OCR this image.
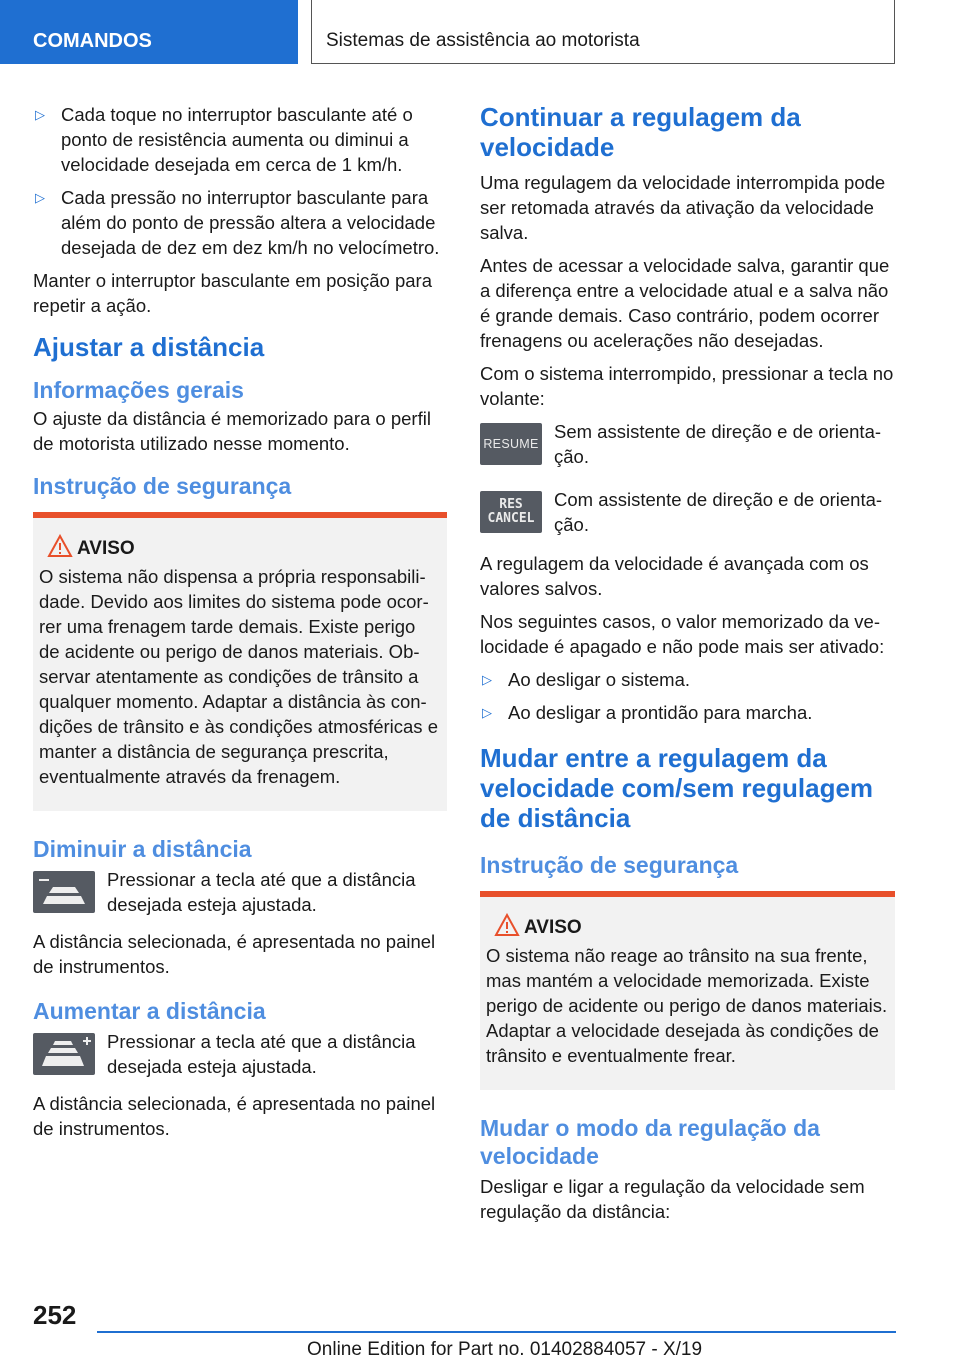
COMANDOS	Sistemas de assistência ao motorista
▷ Cada toque no interruptor basculante até o ponto de resistência aumenta ou diminui a velocidade desejada em cerca de 1 km/h.
▷ Cada pressão no interruptor basculante para além do ponto de pressão altera a velocidade desejada de dez em dez km/h no velocímetro.

Manter o interruptor basculante em posição para repetir a ação.

Ajustar a distância
Informações gerais

O ajuste da distância é memorizado para o perfil de motorista utilizado nesse momento.

Instrução de segurança
AVISO

O sistema não dispensa a própria responsabilidade. Devido aos limites do sistema pode ocorrer uma frenagem tarde demais. Existe perigo de acidente ou perigo de danos materiais. Observar atentamente as condições de trânsito a qualquer momento. Adaptar a distância às condições de trânsito e às condições atmosféricas e manter a distância de segurança prescrita, eventualmente através da frenagem.

Diminuir a distância

Pressionar a tecla até que a distância desejada esteja ajustada.

A distância selecionada, é apresentada no painel de instrumentos.

Aumentar a distância

Pressionar a tecla até que a distância desejada esteja ajustada.

A distância selecionada, é apresentada no painel de instrumentos.

Continuar a regulagem da velocidade

Uma regulagem da velocidade interrompida pode ser retomada através da ativação da velocidade salva.

Antes de acessar a velocidade salva, garantir que a diferença entre a velocidade atual e a salva não é grande demais. Caso contrário, podem ocorrer frenagens ou acelerações não desejadas.

Com o sistema interrompido, pressionar a tecla no volante:

RESUME

Sem assistente de direção e de orientação.

RES
CANCEL

Com assistente de direção e de orientação.

A regulagem da velocidade é avançada com os valores salvos.

Nos seguintes casos, o valor memorizado da velocidade é apagado e não pode mais ser ativado:

▷ Ao desligar o sistema.
▷ Ao desligar a prontidão para marcha.
Mudar entre a regulagem da velocidade com/sem regulagem de distância
Instrução de segurança
AVISO

O sistema não reage ao trânsito na sua frente, mas mantém a velocidade memorizada. Existe perigo de acidente ou perigo de danos materiais. Adaptar a velocidade desejada às condições de trânsito e eventualmente frear.

Mudar o modo da regulação da velocidade

Desligar e ligar a regulação da velocidade sem regulação da distância:

252
Online Edition for Part no. 01402884057 - X/19
